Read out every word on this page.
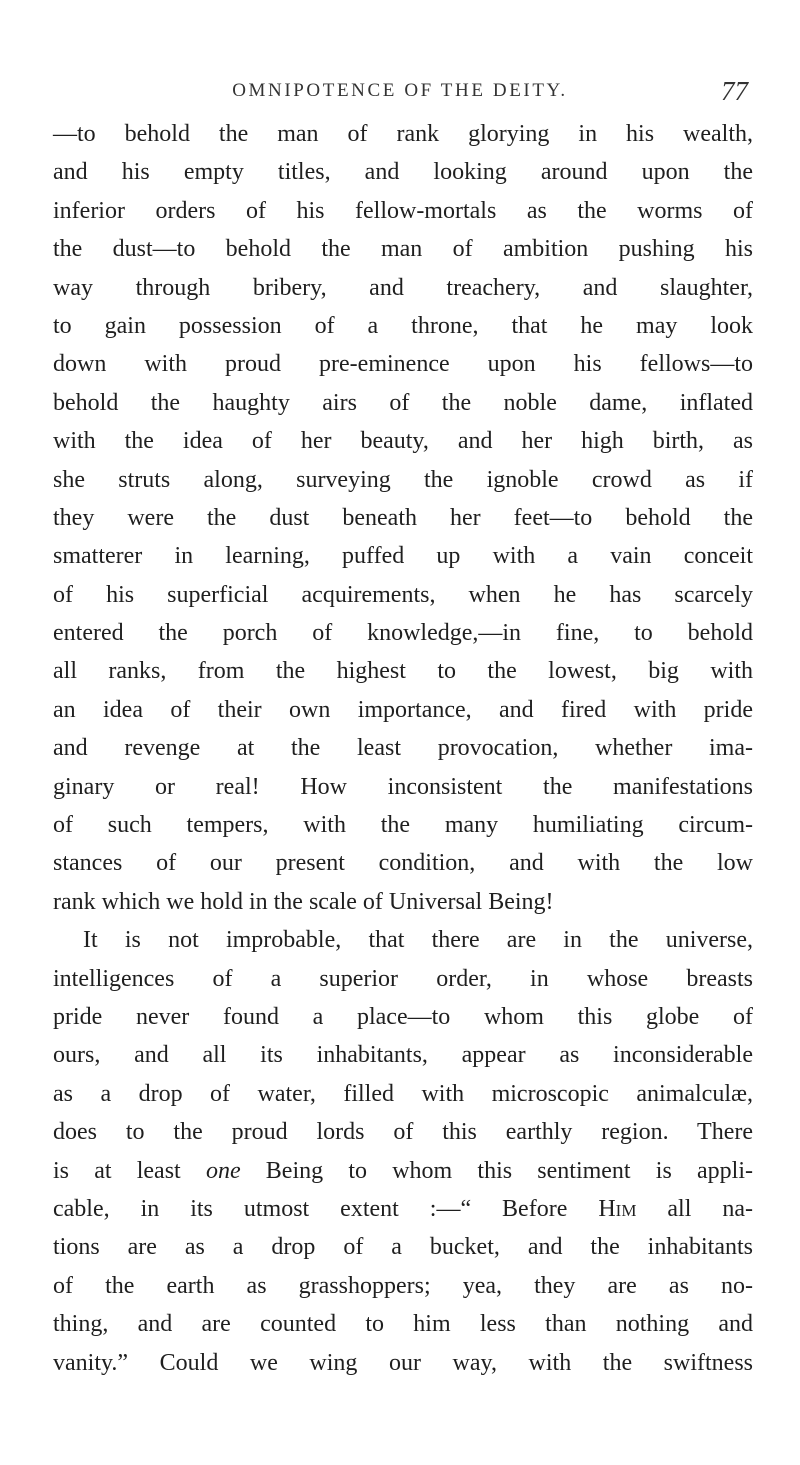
OMNIPOTENCE OF THE DEITY.	77
—to behold the man of rank glorying in his wealth,
and his empty titles, and looking around upon the
inferior orders of his fellow-mortals as the worms of
the dust—to behold the man of ambition pushing his
way through bribery, and treachery, and slaughter,
to gain possession of a throne, that he may look
down with proud pre-eminence upon his fellows—to
behold the haughty airs of the noble dame, inflated
with the idea of her beauty, and her high birth, as
she struts along, surveying the ignoble crowd as if
they were the dust beneath her feet—to behold the
smatterer in learning, puffed up with a vain conceit
of his superficial acquirements, when he has scarcely
entered the porch of knowledge,—in fine, to behold
all ranks, from the highest to the lowest, big with
an idea of their own importance, and fired with pride
and revenge at the least provocation, whether ima-
ginary or real! How inconsistent the manifestations
of such tempers, with the many humiliating circum-
stances of our present condition, and with the low
rank which we hold in the scale of Universal Being!
It is not improbable, that there are in the universe,
intelligences of a superior order, in whose breasts
pride never found a place—to whom this globe of
ours, and all its inhabitants, appear as inconsiderable
as a drop of water, filled with microscopic animalculæ,
does to the proud lords of this earthly region. There
is at least one Being to whom this sentiment is appli-
cable, in its utmost extent :—“ Before Him all na-
tions are as a drop of a bucket, and the inhabitants
of the earth as grasshoppers; yea, they are as no-
thing, and are counted to him less than nothing and
vanity.” Could we wing our way, with the swiftness
